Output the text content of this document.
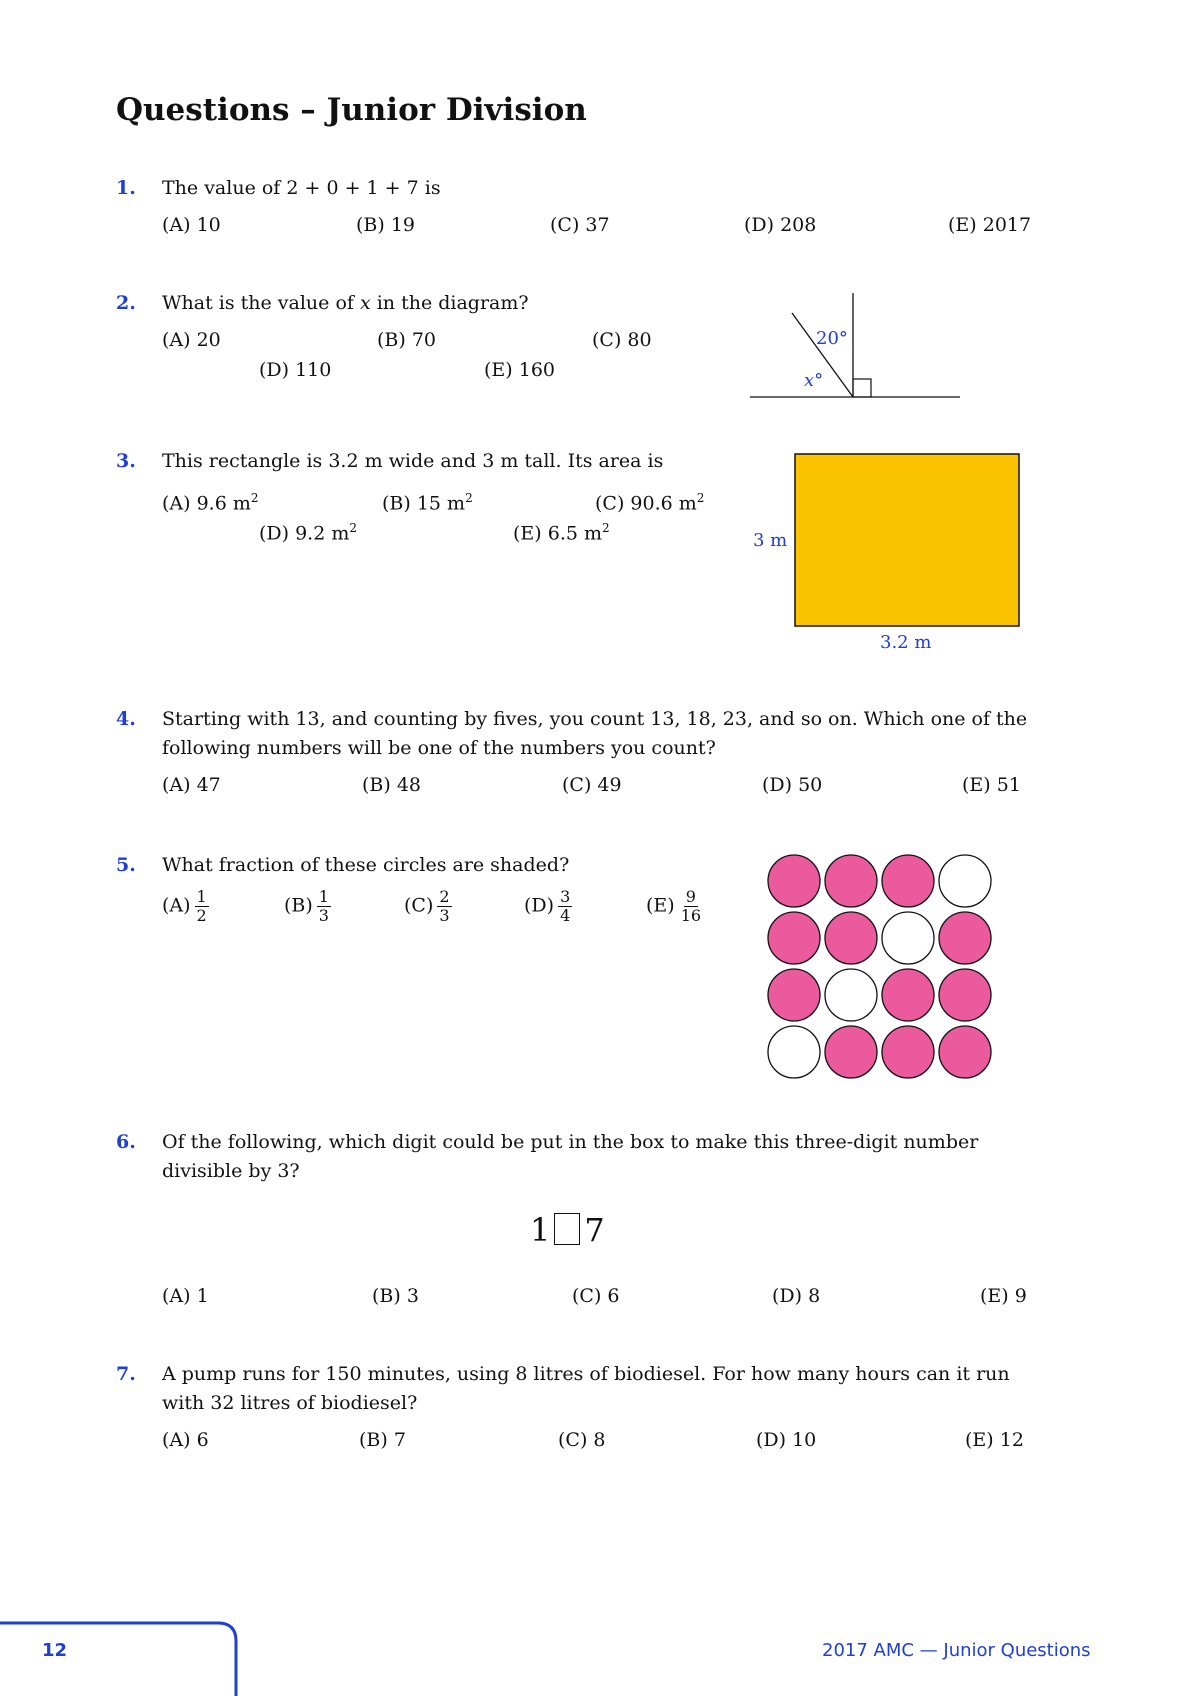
Questions – Junior Division
1. The value of 2 + 0 + 1 + 7 is
(A) 10	(B) 19	(C) 37	(D) 208	(E) 2017
2. What is the value of x in the diagram?
(A) 20	(B) 70	(C) 80
(D) 110	(E) 160
20°
x°
3. This rectangle is 3.2 m wide and 3 m tall. Its area is
(A) 9.6 $m^2$	(B) 15 $m^2$	(C) 90.6 $m^2$
(D) 9.2 $m^2$	(E) 6.5 $m^2$
3 m
3.2 m
4. Starting with 13, and counting by fives, you count 13, 18, 23, and so on. Which one of the following numbers will be one of the numbers you count?
(A) 47	(B) 48	(C) 49	(D) 50	(E) 51
5. What fraction of these circles are shaded?
$(A) \frac{1}{2}$	$(B) \frac{1}{3}$	$(C) \frac{2}{3}$	$(D) \frac{3}{4}$	$(E) \frac{9}{16}$
6. Of the following, which digit could be put in the box to make this three-digit number divisible by 3?
1 7
(A) 1	(B) 3	(C) 6	(D) 8	(E) 9
7. A pump runs for 150 minutes, using 8 litres of biodiesel. For how many hours can it run with 32 litres of biodiesel?
(A) 6	(B) 7	(C) 8	(D) 10	(E) 12
12	2017 AMC — Junior Questions
